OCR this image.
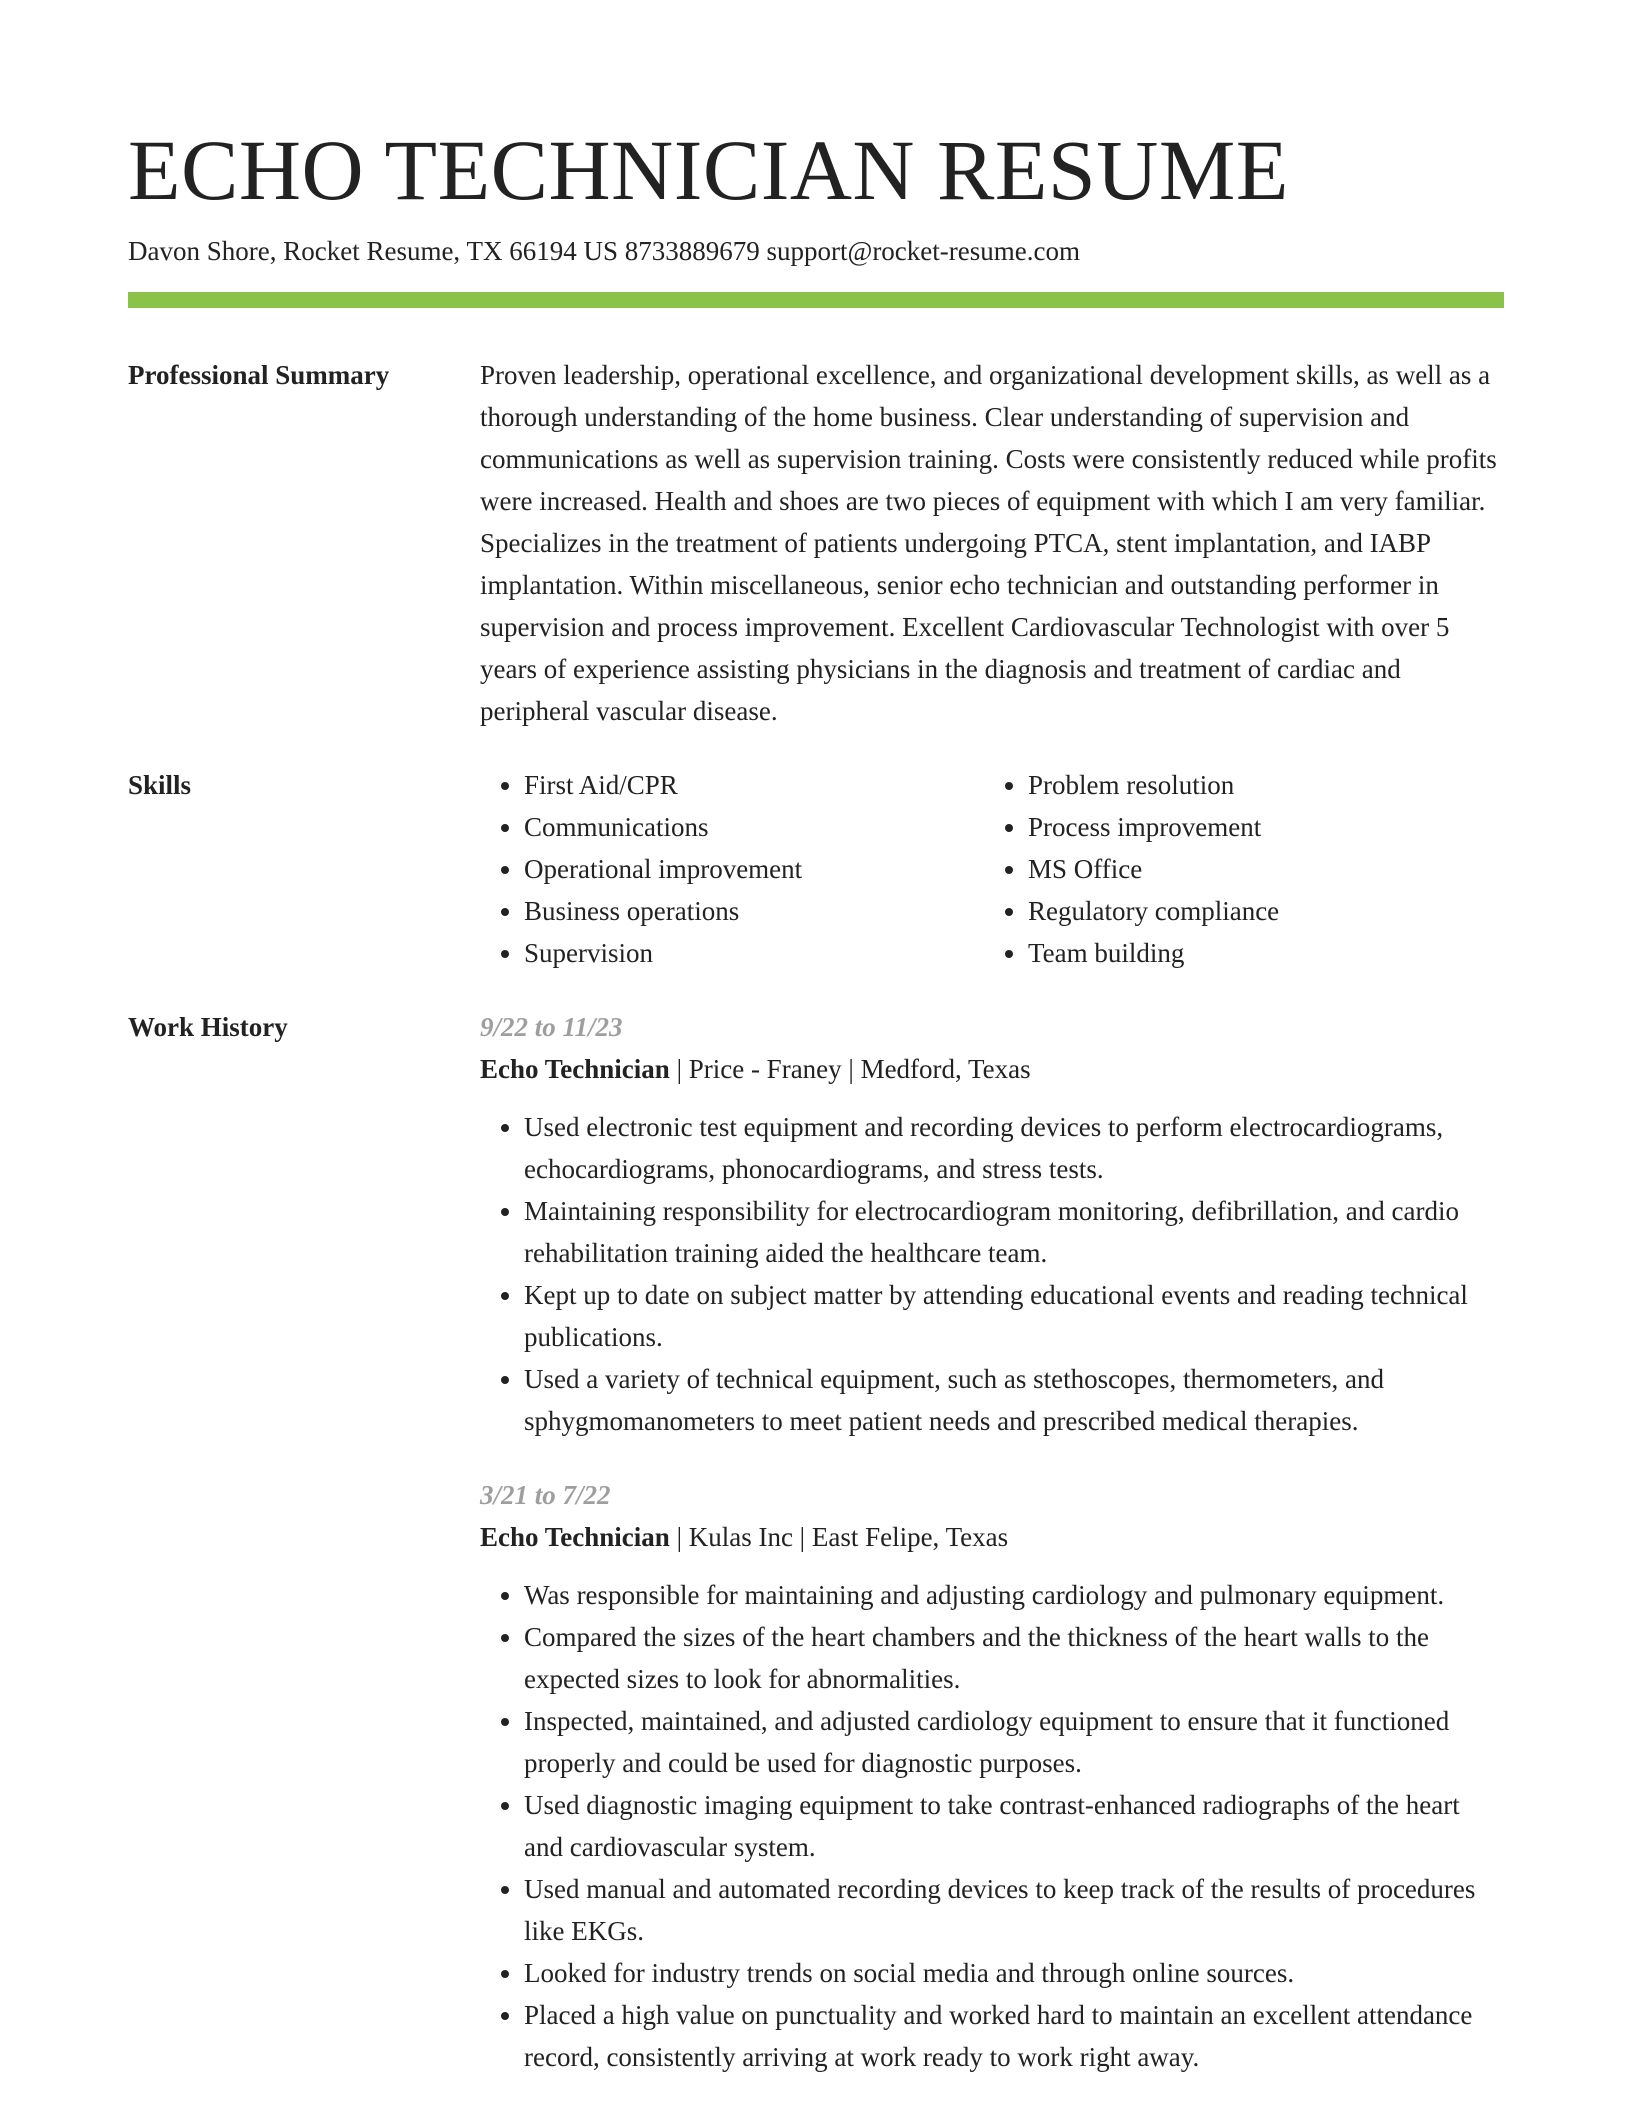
ECHO TECHNICIAN RESUME
Davon Shore, Rocket Resume, TX 66194 US 8733889679 support@rocket-resume.com
Professional Summary	Proven leadership, operational excellence, and organizational development skills, as well as a thorough understanding of the home business. Clear understanding of supervision and communications as well as supervision training. Costs were consistently reduced while profits were increased. Health and shoes are two pieces of equipment with which I am very familiar. Specializes in the treatment of patients undergoing PTCA, stent implantation, and IABP implantation. Within miscellaneous, senior echo technician and outstanding performer in supervision and process improvement. Excellent Cardiovascular Technologist with over 5 years of experience assisting physicians in the diagnosis and treatment of cardiac and peripheral vascular disease.

Skills
•	First Aid/CPR
• Communications
• Operational improvement
• Business operations
• Supervision
• Problem resolution
• Process improvement
• MS Office
• Regulatory compliance
• Team building
Work History	9/22 to 11/23
Echo Technician | Price - Franey | Medford, Texas
• Used electronic test equipment and recording devices to perform electrocardiograms, echocardiograms, phonocardiograms, and stress tests.
• Maintaining responsibility for electrocardiogram monitoring, defibrillation, and cardio rehabilitation training aided the healthcare team.
• Kept up to date on subject matter by attending educational events and reading technical publications.
• Used a variety of technical equipment, such as stethoscopes, thermometers, and sphygmomanometers to meet patient needs and prescribed medical therapies.
3/21 to 7/22
Echo Technician | Kulas Inc | East Felipe, Texas
• Was responsible for maintaining and adjusting cardiology and pulmonary equipment.
• Compared the sizes of the heart chambers and the thickness of the heart walls to the expected sizes to look for abnormalities.
• Inspected, maintained, and adjusted cardiology equipment to ensure that it functioned properly and could be used for diagnostic purposes.
• Used diagnostic imaging equipment to take contrast-enhanced radiographs of the heart and cardiovascular system.
• Used manual and automated recording devices to keep track of the results of procedures like EKGs.
• Looked for industry trends on social media and through online sources.
• Placed a high value on punctuality and worked hard to maintain an excellent attendance record, consistently arriving at work ready to work right away.
